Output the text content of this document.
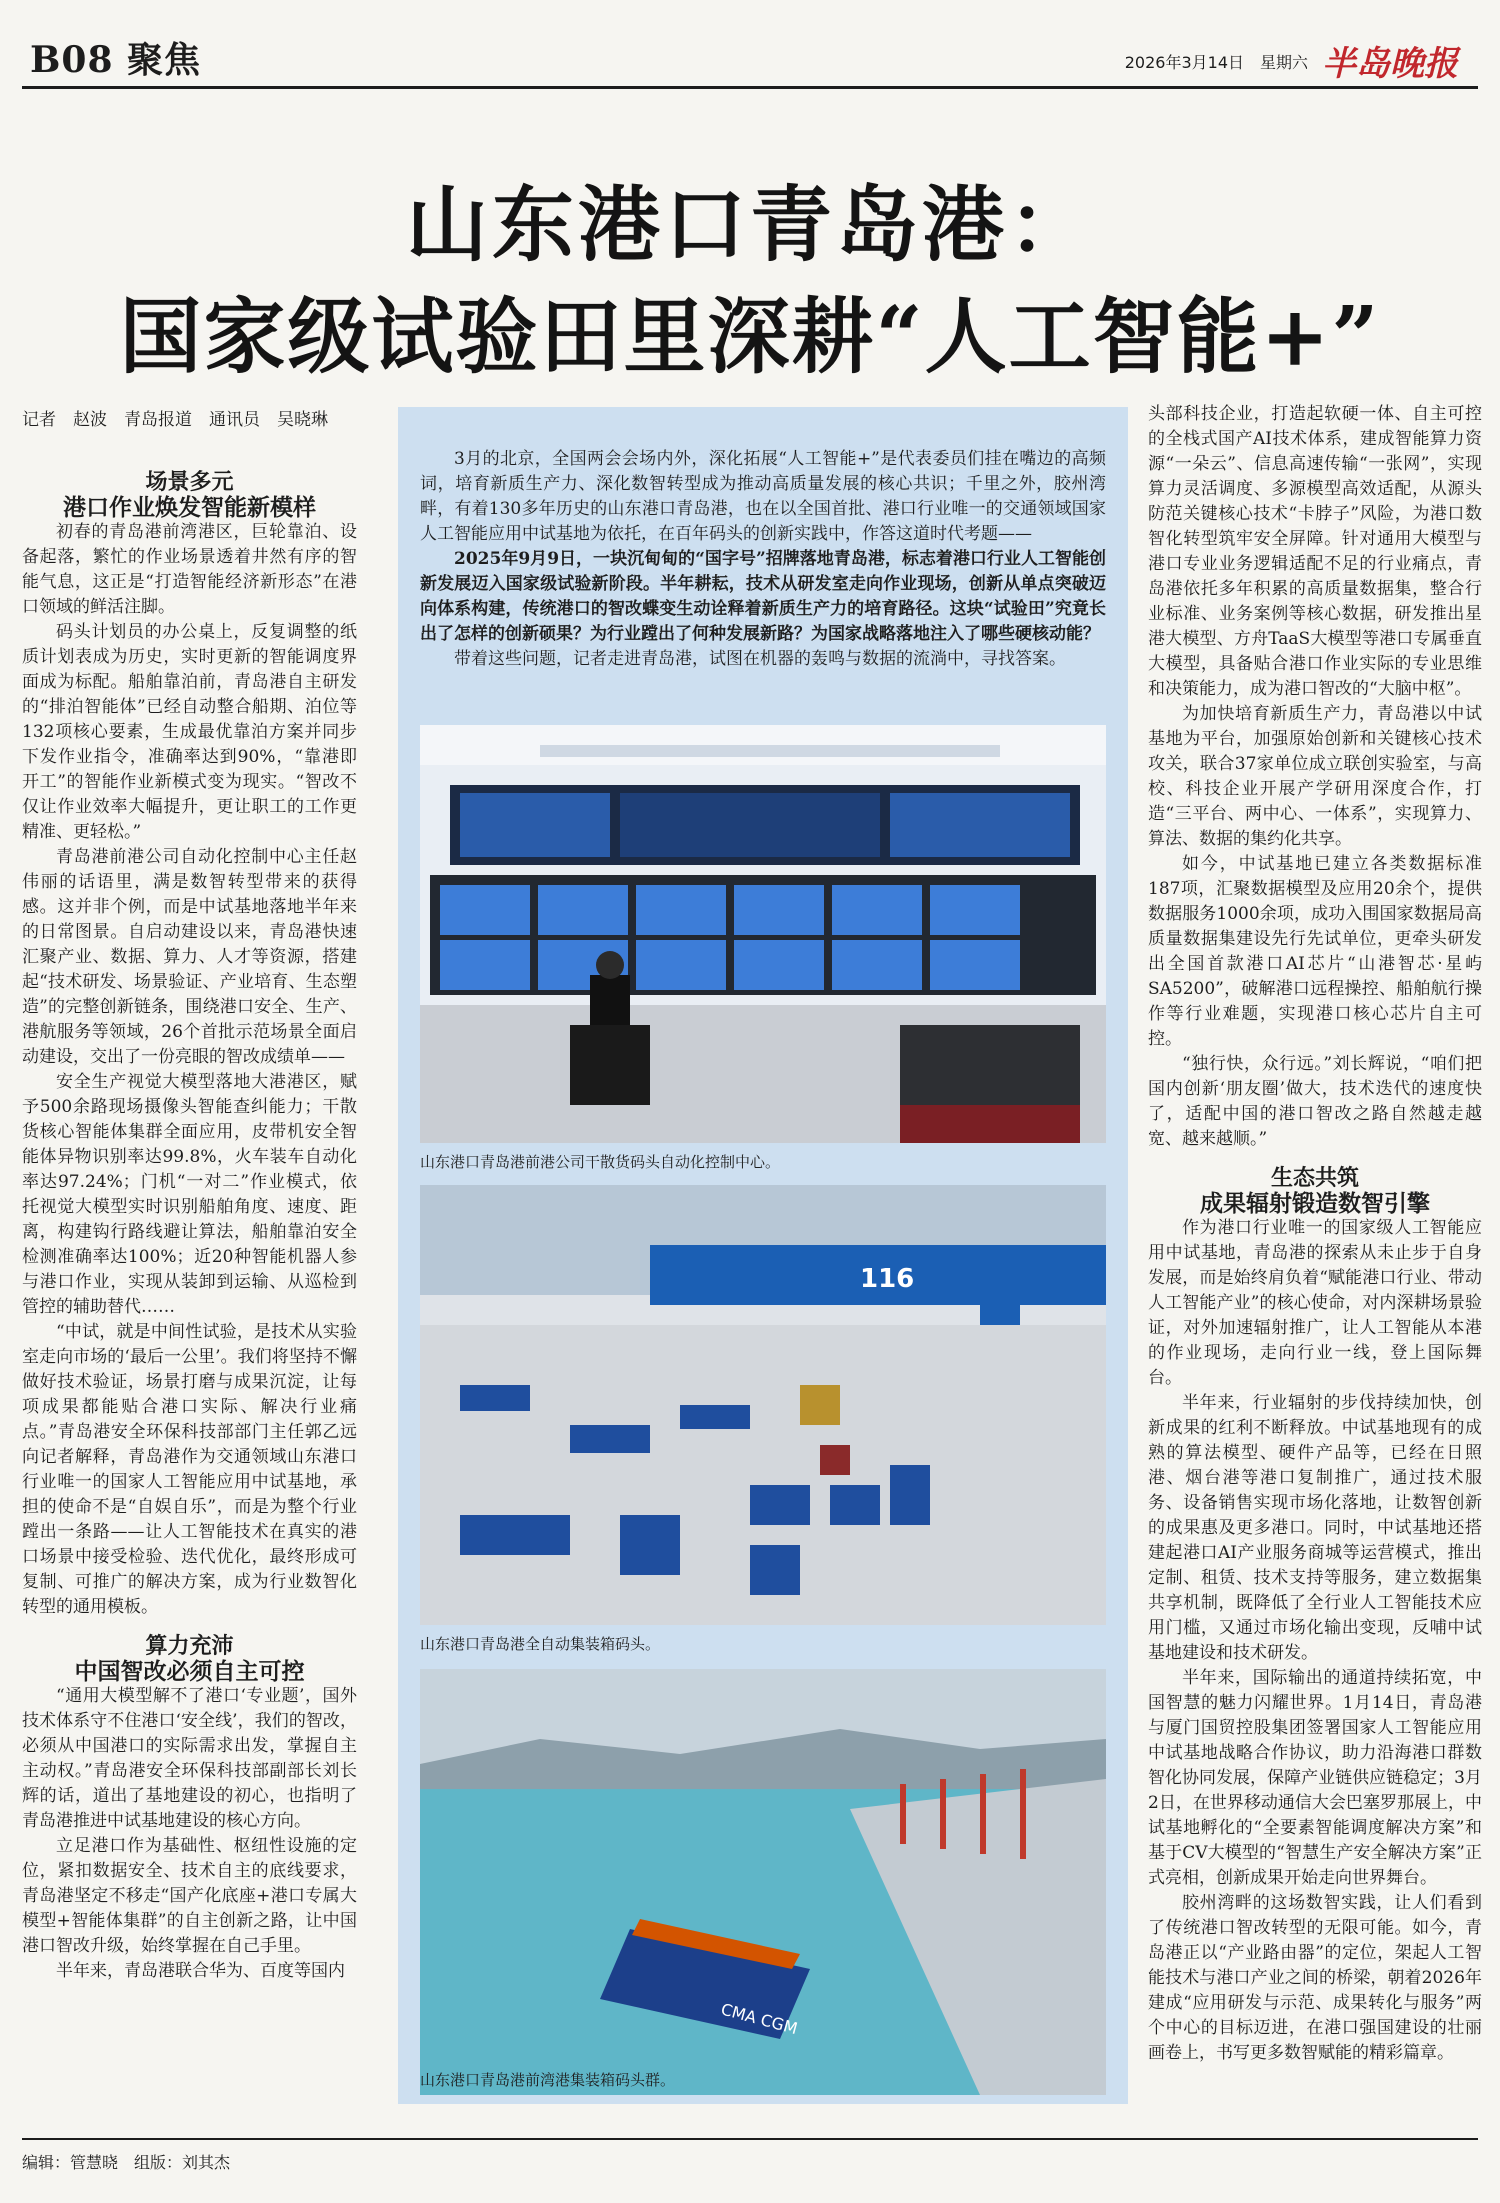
B08 聚焦	2026年3月14日　星期六 半岛晚报
山东港口青岛港：
国家级试验田里深耕“人工智能+”
记者　赵波　青岛报道　通讯员　吴晓琳

场景多元

港口作业焕发智能新模样

初春的青岛港前湾港区，巨轮靠泊、设备起落，繁忙的作业场景透着井然有序的智能气息，这正是“打造智能经济新形态”在港口领域的鲜活注脚。

码头计划员的办公桌上，反复调整的纸质计划表成为历史，实时更新的智能调度界面成为标配。船舶靠泊前，青岛港自主研发的“排泊智能体”已经自动整合船期、泊位等132项核心要素，生成最优靠泊方案并同步下发作业指令，准确率达到90%，“靠港即开工”的智能作业新模式变为现实。“智改不仅让作业效率大幅提升，更让职工的工作更精准、更轻松。”

青岛港前港公司自动化控制中心主任赵伟丽的话语里，满是数智转型带来的获得感。这并非个例，而是中试基地落地半年来的日常图景。自启动建设以来，青岛港快速汇聚产业、数据、算力、人才等资源，搭建起“技术研发、场景验证、产业培育、生态塑造”的完整创新链条，围绕港口安全、生产、港航服务等领域，26个首批示范场景全面启动建设，交出了一份亮眼的智改成绩单——

安全生产视觉大模型落地大港港区，赋予500余路现场摄像头智能查纠能力；干散货核心智能体集群全面应用，皮带机安全智能体异物识别率达99.8%，火车装车自动化率达97.24%；门机“一对二”作业模式，依托视觉大模型实时识别船舶角度、速度、距离，构建钩行路线避让算法，船舶靠泊安全检测准确率达100%；近20种智能机器人参与港口作业，实现从装卸到运输、从巡检到管控的辅助替代……

“中试，就是中间性试验，是技术从实验室走向市场的‘最后一公里’。我们将坚持不懈做好技术验证，场景打磨与成果沉淀，让每项成果都能贴合港口实际、解决行业痛点。”青岛港安全环保科技部部门主任郭乙远向记者解释，青岛港作为交通领域山东港口行业唯一的国家人工智能应用中试基地，承担的使命不是“自娱自乐”，而是为整个行业蹚出一条路——让人工智能技术在真实的港口场景中接受检验、迭代优化，最终形成可复制、可推广的解决方案，成为行业数智化转型的通用模板。

算力充沛

中国智改必须自主可控

“通用大模型解不了港口‘专业题’，国外技术体系守不住港口‘安全线’，我们的智改，必须从中国港口的实际需求出发，掌握自主主动权。”青岛港安全环保科技部副部长刘长辉的话，道出了基地建设的初心，也指明了青岛港推进中试基地建设的核心方向。

立足港口作为基础性、枢纽性设施的定位，紧扣数据安全、技术自主的底线要求，青岛港坚定不移走“国产化底座+港口专属大模型+智能体集群”的自主创新之路，让中国港口智改升级，始终掌握在自己手里。

半年来，青岛港联合华为、百度等国内

3月的北京，全国两会会场内外，深化拓展“人工智能+”是代表委员们挂在嘴边的高频词，培育新质生产力、深化数智转型成为推动高质量发展的核心共识；千里之外，胶州湾畔，有着130多年历史的山东港口青岛港，也在以全国首批、港口行业唯一的交通领域国家人工智能应用中试基地为依托，在百年码头的创新实践中，作答这道时代考题——

2025年9月9日，一块沉甸甸的“国字号”招牌落地青岛港，标志着港口行业人工智能创新发展迈入国家级试验新阶段。半年耕耘，技术从研发室走向作业现场，创新从单点突破迈向体系构建，传统港口的智改蝶变生动诠释着新质生产力的培育路径。这块“试验田”究竟长出了怎样的创新硕果？为行业蹚出了何种发展新路？为国家战略落地注入了哪些硬核动能？

带着这些问题，记者走进青岛港，试图在机器的轰鸣与数据的流淌中，寻找答案。

山东港口青岛港前港公司干散货码头自动化控制中心。
116
山东港口青岛港全自动集装箱码头。
CMA CGM
山东港口青岛港前湾港集装箱码头群。

头部科技企业，打造起软硬一体、自主可控的全栈式国产AI技术体系，建成智能算力资源“一朵云”、信息高速传输“一张网”，实现算力灵活调度、多源模型高效适配，从源头防范关键核心技术“卡脖子”风险，为港口数智化转型筑牢安全屏障。针对通用大模型与港口专业业务逻辑适配不足的行业痛点，青岛港依托多年积累的高质量数据集，整合行业标准、业务案例等核心数据，研发推出星港大模型、方舟TaaS大模型等港口专属垂直大模型，具备贴合港口作业实际的专业思维和决策能力，成为港口智改的“大脑中枢”。

为加快培育新质生产力，青岛港以中试基地为平台，加强原始创新和关键核心技术攻关，联合37家单位成立联创实验室，与高校、科技企业开展产学研用深度合作，打造“三平台、两中心、一体系”，实现算力、算法、数据的集约化共享。

如今，中试基地已建立各类数据标准187项，汇聚数据模型及应用20余个，提供数据服务1000余项，成功入围国家数据局高质量数据集建设先行先试单位，更牵头研发出全国首款港口AI芯片“山港智芯·星屿SA5200”，破解港口远程操控、船舶航行操作等行业难题，实现港口核心芯片自主可控。

“独行快，众行远。”刘长辉说，“咱们把国内创新‘朋友圈’做大，技术迭代的速度快了，适配中国的港口智改之路自然越走越宽、越来越顺。”

生态共筑

成果辐射锻造数智引擎

作为港口行业唯一的国家级人工智能应用中试基地，青岛港的探索从未止步于自身发展，而是始终肩负着“赋能港口行业、带动人工智能产业”的核心使命，对内深耕场景验证，对外加速辐射推广，让人工智能从本港的作业现场，走向行业一线，登上国际舞台。

半年来，行业辐射的步伐持续加快，创新成果的红利不断释放。中试基地现有的成熟的算法模型、硬件产品等，已经在日照港、烟台港等港口复制推广，通过技术服务、设备销售实现市场化落地，让数智创新的成果惠及更多港口。同时，中试基地还搭建起港口AI产业服务商城等运营模式，推出定制、租赁、技术支持等服务，建立数据集共享机制，既降低了全行业人工智能技术应用门槛，又通过市场化输出变现，反哺中试基地建设和技术研发。

半年来，国际输出的通道持续拓宽，中国智慧的魅力闪耀世界。1月14日，青岛港与厦门国贸控股集团签署国家人工智能应用中试基地战略合作协议，助力沿海港口群数智化协同发展，保障产业链供应链稳定；3月2日，在世界移动通信大会巴塞罗那展上，中试基地孵化的“全要素智能调度解决方案”和基于CV大模型的“智慧生产安全解决方案”正式亮相，创新成果开始走向世界舞台。

胶州湾畔的这场数智实践，让人们看到了传统港口智改转型的无限可能。如今，青岛港正以“产业路由器”的定位，架起人工智能技术与港口产业之间的桥梁，朝着2026年建成“应用研发与示范、成果转化与服务”两个中心的目标迈进，在港口强国建设的壮丽画卷上，书写更多数智赋能的精彩篇章。

编辑：管慧晓　组版：刘其杰
